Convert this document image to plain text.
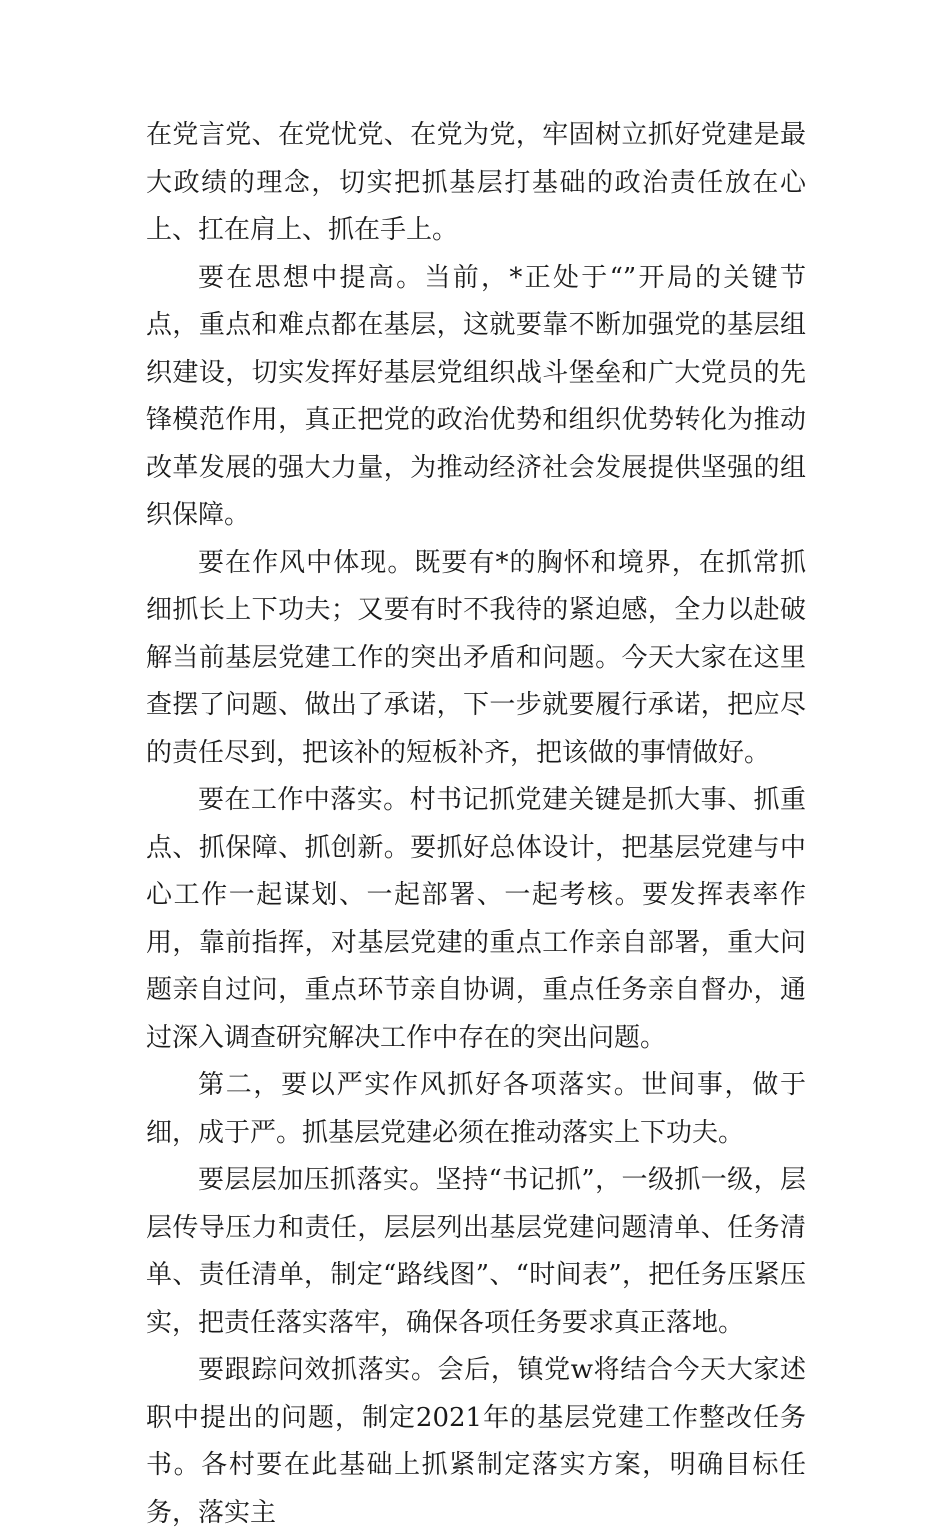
在党言党、在党忧党、在党为党，牢固树立抓好党建是最大政绩的理念，切实把抓基层打基础的政治责任放在心上、扛在肩上、抓在手上。

要在思想中提高。当前，*正处于“”开局的关键节点，重点和难点都在基层，这就要靠不断加强党的基层组织建设，切实发挥好基层党组织战斗堡垒和广大党员的先锋模范作用，真正把党的政治优势和组织优势转化为推动改革发展的强大力量，为推动经济社会发展提供坚强的组织保障。

要在作风中体现。既要有*的胸怀和境界，在抓常抓细抓长上下功夫；又要有时不我待的紧迫感，全力以赴破解当前基层党建工作的突出矛盾和问题。今天大家在这里查摆了问题、做出了承诺，下一步就要履行承诺，把应尽的责任尽到，把该补的短板补齐，把该做的事情做好。

要在工作中落实。村书记抓党建关键是抓大事、抓重点、抓保障、抓创新。要抓好总体设计，把基层党建与中心工作一起谋划、一起部署、一起考核。要发挥表率作用，靠前指挥，对基层党建的重点工作亲自部署，重大问题亲自过问，重点环节亲自协调，重点任务亲自督办，通过深入调查研究解决工作中存在的突出问题。

第二，要以严实作风抓好各项落实。世间事，做于细，成于严。抓基层党建必须在推动落实上下功夫。

要层层加压抓落实。坚持“书记抓”，一级抓一级，层层传导压力和责任，层层列出基层党建问题清单、任务清单、责任清单，制定“路线图”、“时间表”，把任务压紧压实，把责任落实落牢，确保各项任务要求真正落地。

要跟踪问效抓落实。会后，镇党w将结合今天大家述职中提出的问题，制定2021年的基层党建工作整改任务书。各村要在此基础上抓紧制定落实方案，明确目标任务，落实主
